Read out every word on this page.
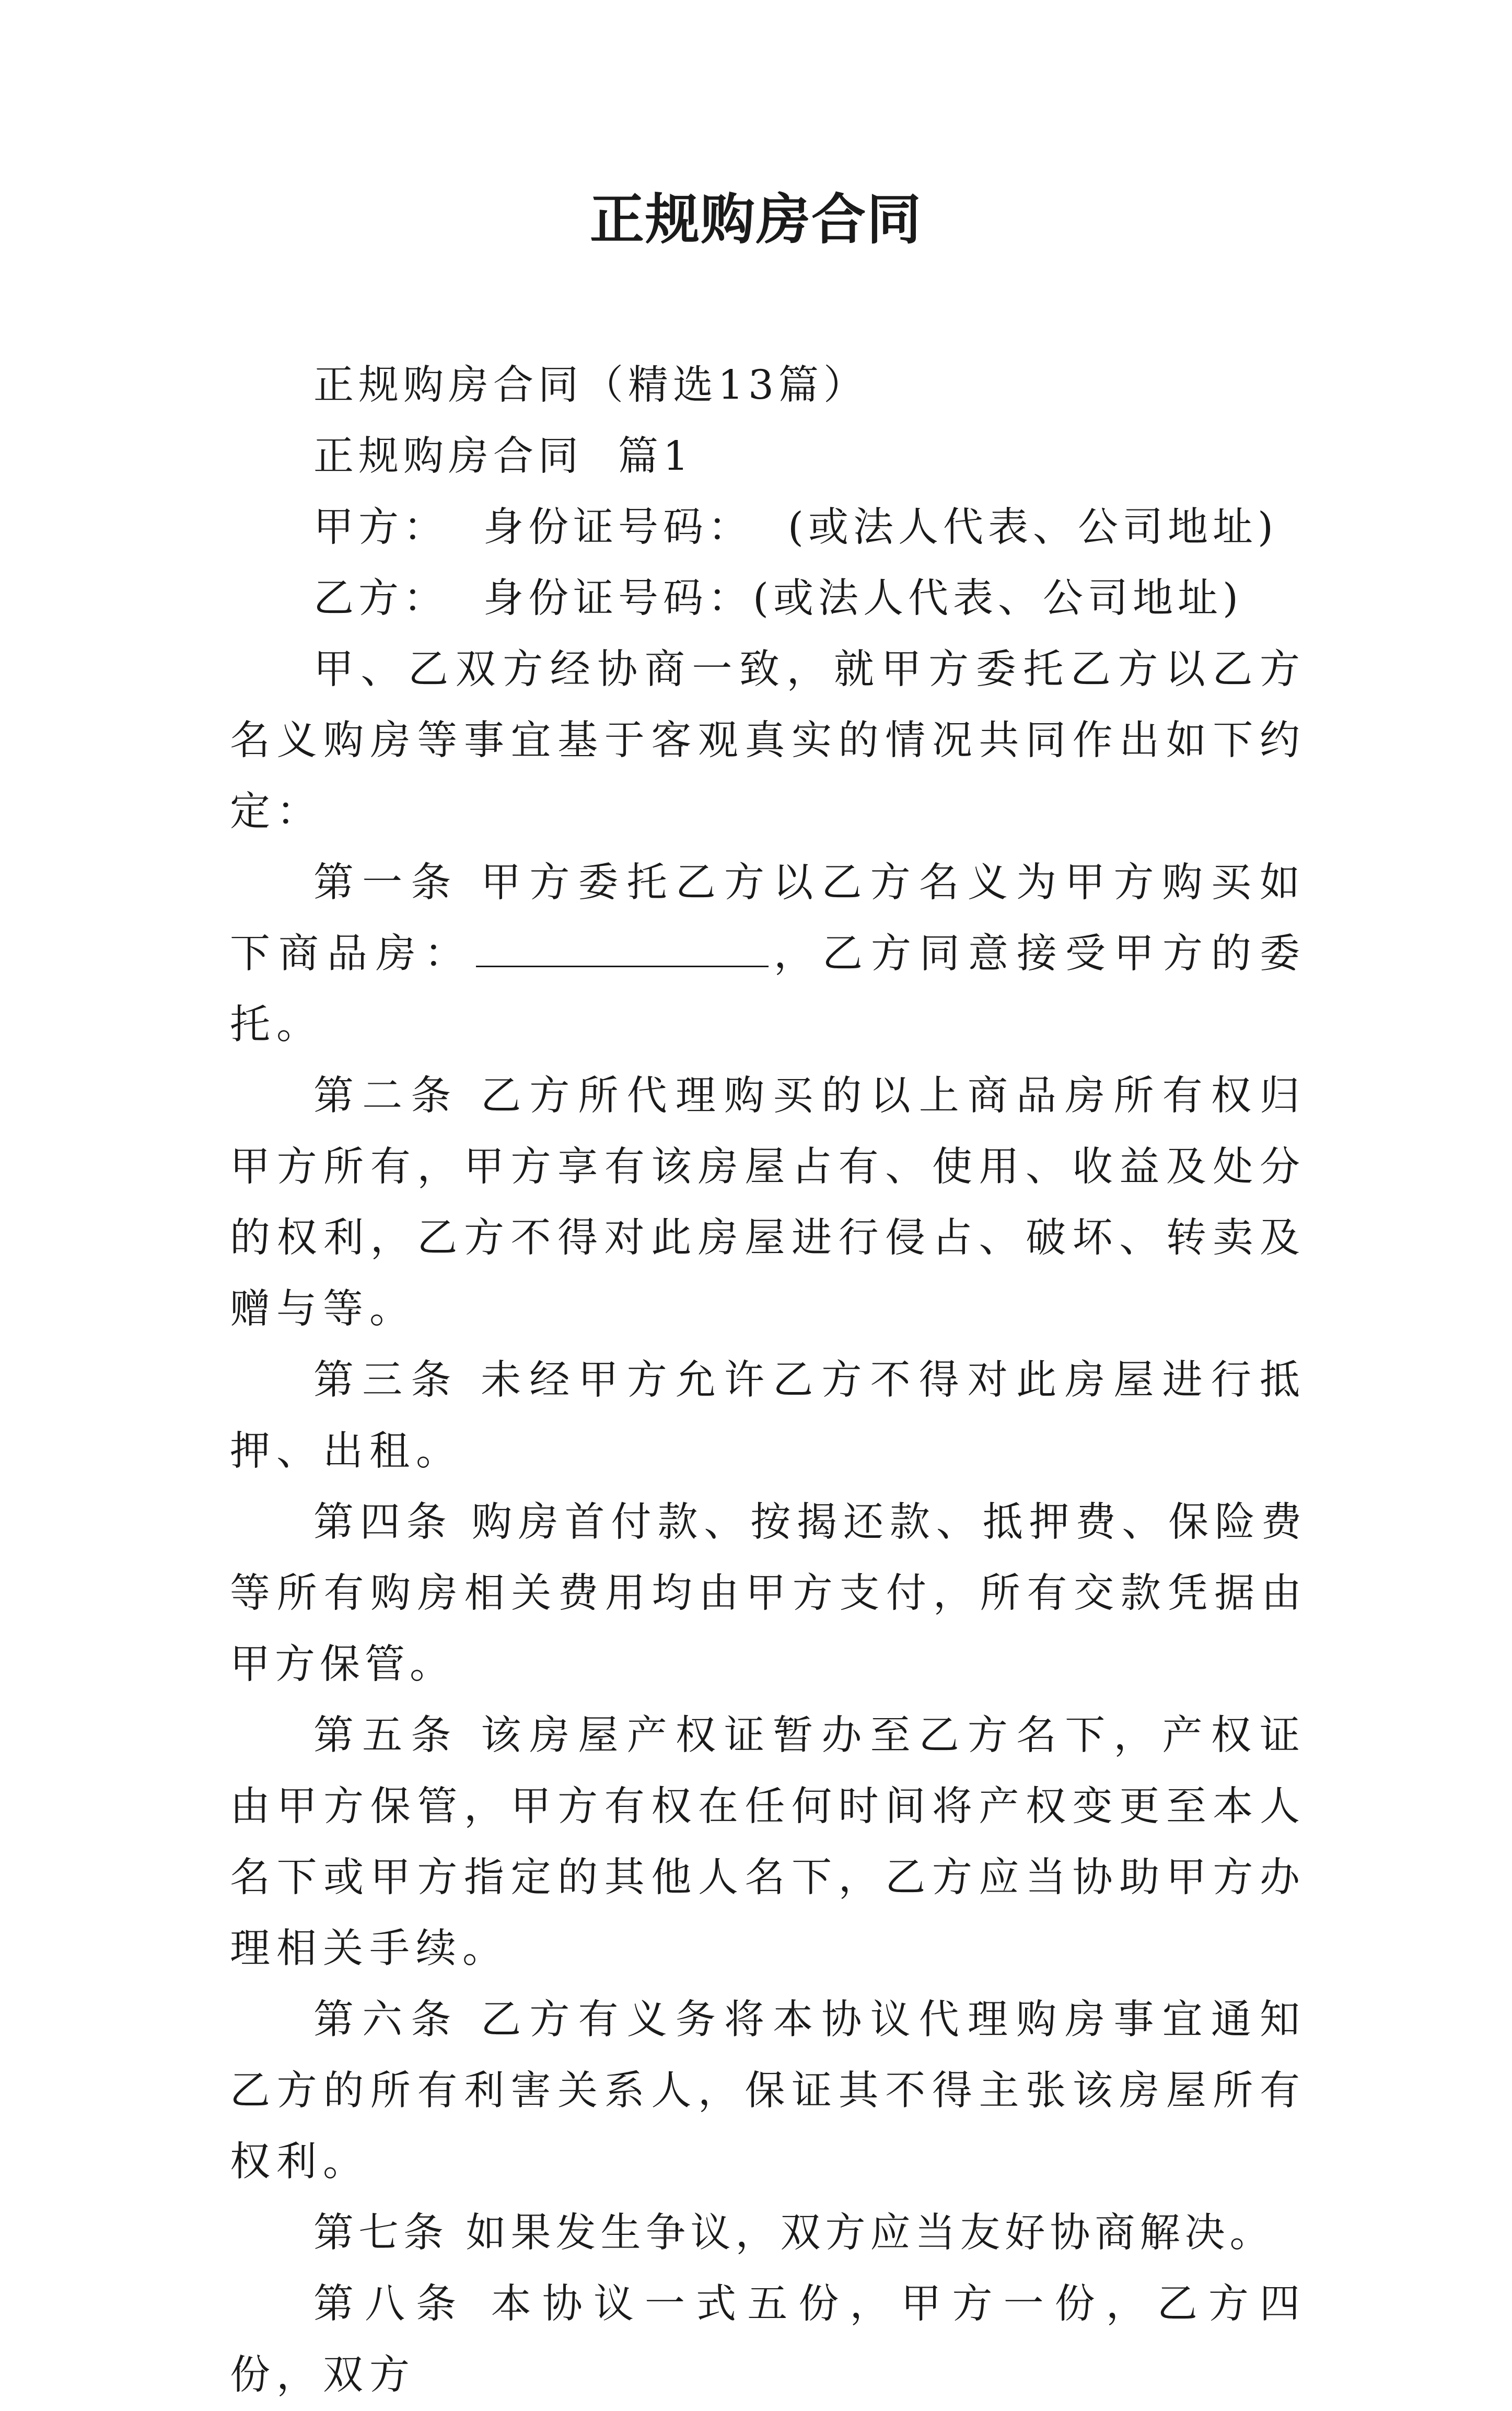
正规购房合同

正规购房合同（精选13篇）

正规购房合同  篇1

甲方：  身份证号码：  (或法人代表、公司地址)

乙方：  身份证号码：(或法人代表、公司地址)

甲、乙双方经协商一致，就甲方委托乙方以乙方名义购房等事宜基于客观真实的情况共同作出如下约定：

第一条 甲方委托乙方以乙方名义为甲方购买如下商品房：	，乙方同意接受甲方的委托。

第二条 乙方所代理购买的以上商品房所有权归甲方所有，甲方享有该房屋占有、使用、收益及处分的权利，乙方不得对此房屋进行侵占、破坏、转卖及赠与等。

第三条 未经甲方允许乙方不得对此房屋进行抵押、出租。

第四条 购房首付款、按揭还款、抵押费、保险费等所有购房相关费用均由甲方支付，所有交款凭据由甲方保管。

第五条 该房屋产权证暂办至乙方名下，产权证由甲方保管，甲方有权在任何时间将产权变更至本人名下或甲方指定的其他人名下，乙方应当协助甲方办理相关手续。

第六条 乙方有义务将本协议代理购房事宜通知乙方的所有利害关系人，保证其不得主张该房屋所有权利。

第七条 如果发生争议，双方应当友好协商解决。

第八条 本协议一式五份，甲方一份，乙方四份，双方
